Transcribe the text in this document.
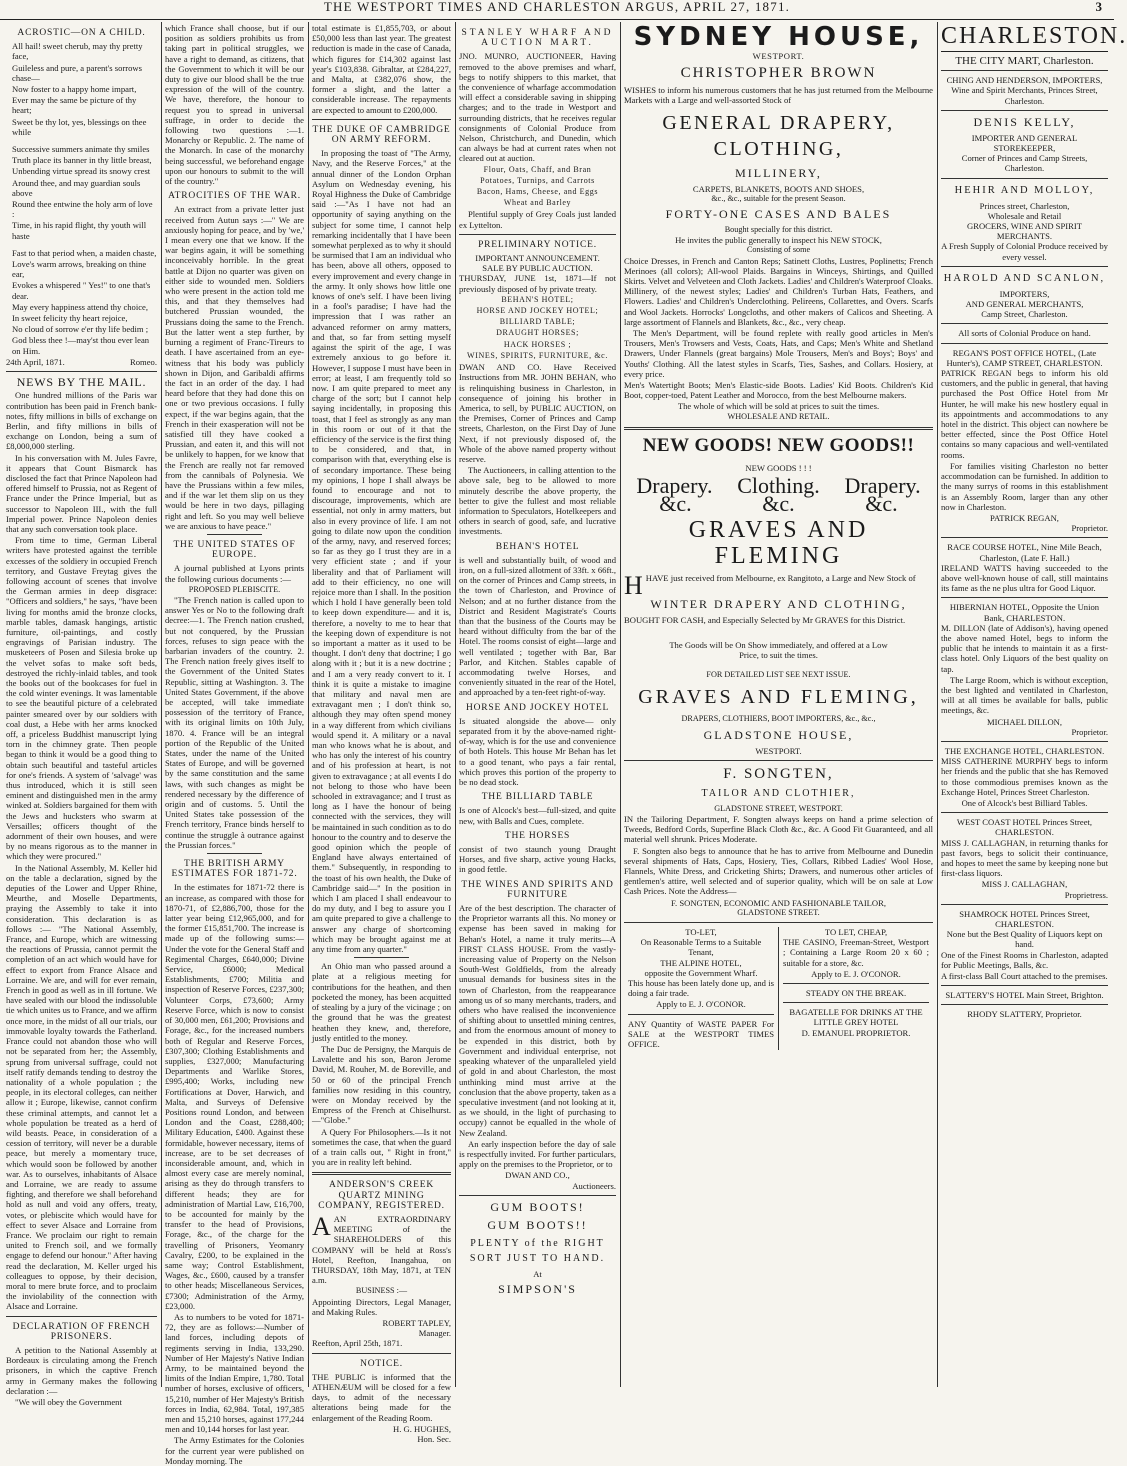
THE WESTPORT TIMES AND CHARLESTON ARGUS, APRIL 27, 1871.	3
ACROSTIC—ON A CHILD.

All hail! sweet cherub, may thy pretty face,

Guileless and pure, a parent's sorrows chase—

Now foster to a happy home impart,

Ever may the same be picture of thy heart;

Sweet be thy lot, yes, blessings on thee while

Successive summers animate thy smiles

Truth place its banner in thy little breast,

Unbending virtue spread its snowy crest

Around thee, and may guardian souls above

Round thee entwine the holy arm of love :

Time, in his rapid flight, thy youth will haste

Fast to that period when, a maiden chaste,

Love's warm arrows, breaking on thine ear,

Evokes a whispered " Yes!" to one that's dear.

May every happiness attend thy choice,

In sweet felicity thy heart rejoice,

No cloud of sorrow e'er thy life bedim ;

God bless thee !—may'st thou ever lean on Him.

24th April, 1871.	Romeo.

NEWS BY THE MAIL.

One hundred millions of the Paris war contribution has been paid in French bank-notes, fifty millions in bills of exchange on Berlin, and fifty millions in bills of exchange on London, being a sum of £8,000,000 sterling.

In his conversation with M. Jules Favre, it appears that Count Bismarck has disclosed the fact that Prince Napoleon had offered himself to Prussia, not as Regent of France under the Prince Imperial, but as successor to Napoleon III., with the full Imperial power. Prince Napoleon denies that any such conversation took place.

From time to time, German Liberal writers have protested against the terrible excesses of the soldiery in occupied French territory, and Gustave Freytag gives the following account of scenes that involve the German armies in deep disgrace: "Officers and soldiers," he says, "have been living for months amid the bronze clocks, marble tables, damask hangings, artistic furniture, oil-paintings, and costly engravings of Parisian industry. The musketeers of Posen and Silesia broke up the velvet sofas to make soft beds, destroyed the richly-inlaid tables, and took the books out of the bookcases for fuel in the cold winter evenings. It was lamentable to see the beautiful picture of a celebrated painter smeared over by our soldiers with coal dust, a Hebe with her arms knocked off, a priceless Buddhist manuscript lying torn in the chimney grate. Then people began to think it would be a good thing to obtain such beautiful and tasteful articles for one's friends. A system of 'salvage' was thus introduced, which it is still seen eminent and distinguished men in the army winked at. Soldiers bargained for them with the Jews and hucksters who swarm at Versailles; officers thought of the adornment of their own houses, and were by no means rigorous as to the manner in which they were procured."

In the National Assembly, M. Keller hid on the table a declaration, signed by the deputies of the Lower and Upper Rhine, Meurthe, and Moselle Departments, praying the Assembly to take it into consideration. This declaration is as follows :— "The National Assembly, France, and Europe, which are witnessing the reactions of Prussia, cannot permit the completion of an act which would have for effect to export from France Alsace and Lorraine. We are, and will for ever remain, French in good as well as in ill fortune. We have sealed with our blood the indissoluble tie which unites us to France, and we affirm once more, in the midst of all our trials, our immovable loyalty towards the Fatherland. France could not abandon those who will not be separated from her; the Assembly, sprung from universal suffrage, could not itself ratify demands tending to destroy the nationality of a whole population ; the people, in its electoral colleges, can neither allow it ; Europe, likewise, cannot confirm these criminal attempts, and cannot let a whole population be treated as a herd of wild beasts. Peace, in consideration of a cession of territory, will never be a durable peace, but merely a momentary truce, which would soon be followed by another war. As to ourselves, inhabitants of Alsace and Lorraine, we are ready to assume fighting, and therefore we shall beforehand hold as null and void any offers, treaty, votes, or plebiscite which would have for effect to sever Alsace and Lorraine from France. We proclaim our right to remain united to French soil, and we formally engage to defend our honour." After having read the declaration, M. Keller urged his colleagues to oppose, by their decision, moral to mere brute force, and to proclaim the inviolability of the connection with Alsace and Lorraine.

DECLARATION OF FRENCH PRISONERS.

A petition to the National Assembly at Bordeaux is circulating among the French prisoners, in which the captive French army in Germany makes the following declaration :—

"We will obey the Government

which France shall choose, but if our position as soldiers prohibits us from taking part in political struggles, we have a right to demand, as citizens, that the Government to which it will be our duty to give our blood shall be the true expression of the will of the country. We have, therefore, the honour to request you to spread in universal suffrage, in order to decide the following two questions :—1. Monarchy or Republic. 2. The name of the Monarch. In case of the monarchy being successful, we beforehand engage upon our honours to submit to the will of the country."

ATROCITIES OF THE WAR.

An extract from a private letter just received from Autun says :—" We are anxiously hoping for peace, and by 'we,' I mean every one that we know. If the war begins again, it will be something inconceivably horrible. In the great battle at Dijon no quarter was given on either side to wounded men. Soldiers who were present in the action told me this, and that they themselves had butchered Prussian wounded, the Prussians doing the same to the French. But the latter went a step further, by burning a regiment of Franc-Tireurs to death. I have ascertained from an eye-witness that his body was publicly shown in Dijon, and Garibaldi affirms the fact in an order of the day. I had heard before that they had done this on one or two previous occasions. I fully expect, if the war begins again, that the French in their exasperation will not be satisfied till they have cooked a Prussian, and eaten it, and this will not be unlikely to happen, for we know that the French are really not far removed from the cannibals of Polynesia. We have the Prussians within a few miles, and if the war let them slip on us they would be here in two days, pillaging right and left. So you may well believe we are anxious to have peace."

THE UNITED STATES OF EUROPE.

A journal published at Lyons prints the following curious documents :—

PROPOSED PLEBISCITE.

"The French nation is called upon to answer Yes or No to the following draft decree:—1. The French nation crushed, but not conquered, by the Prussian forces, refuses to sign peace with the barbarian invaders of the country. 2. The French nation freely gives itself to the Government of the United States Republic, sitting at Washington. 3. The United States Government, if the above be accepted, will take immediate possession of the territory of France, with its original limits on 10th July, 1870. 4. France will be an integral portion of the Republic of the United States, under the name of the United States of Europe, and will be governed by the same constitution and the same laws, with such changes as might be rendered necessary by the difference of origin and of customs. 5. Until the United States take possession of the French territory, France binds herself to continue the struggle à outrance against the Prussian forces."

THE BRITISH ARMY ESTIMATES FOR 1871-72.

In the estimates for 1871-72 there is an increase, as compared with those for 1870-71, of £2,886,700, those for the latter year being £12,965,000, and for the former £15,851,700. The increase is made up of the following sums:—Under the vote for the General Staff and Regimental Charges, £640,000; Divine Service, £6000; Medical Establishments, £700; Militia and inspection of Reserve Forces, £237,300; Volunteer Corps, £73,600; Army Reserve Force, which is now to consist of 30,000 men, £61,200; Provisions and Forage, &c., for the increased numbers both of Regular and Reserve Forces, £307,300; Clothing Establishments and supplies, £327,000; Manufacturing Departments and Warlike Stores, £995,400; Works, including new Fortifications at Dover, Harwich, and Malta, and Surveys of Defensive Positions round London, and between London and the Coast, £288,400; Military Education, £400. Against these formidable, however necessary, items of increase, are to be set decreases of inconsiderable amount, and, which in almost every case are merely nominal, arising as they do through transfers to different heads; they are for administration of Martial Law, £16,700, to be accounted for mainly by the transfer to the head of Provisions, Forage, &c., of the charge for the travelling of Prisoners, Yeomanry Cavalry, £200, to be explained in the same way; Control Establishment, Wages, &c., £600, caused by a transfer to other heads; Miscellaneous Services, £7300; Administration of the Army, £23,000.

As to numbers to be voted for 1871-72, they are as follows:—Number of land forces, including depots of regiments serving in India, 133,290. Number of Her Majesty's Native Indian Army, to be maintained beyond the limits of the Indian Empire, 1,780. Total number of horses, exclusive of officers, 15,210, number of Her Majesty's British forces in India, 62,984. Total, 197,385 men and 15,210 horses, against 177,244 men and 10,144 horses for last year.

The Army Estimates for the Colonies for the current year were published on Monday morning. The

total estimate is £1,855,703, or about £50,000 less than last year. The greatest reduction is made in the case of Canada, which figures for £14,302 against last year's £103,838. Gibraltar, at £284,227, and Malta, at £382,076 show, the former a slight, and the latter a considerable increase. The repayments are expected to amount to £200,000.

THE DUKE OF CAMBRIDGE ON ARMY REFORM.

In proposing the toast of "The Army, Navy, and the Reserve Forces," at the annual dinner of the London Orphan Asylum on Wednesday evening, his Royal Highness the Duke of Cambridge said :—"As I have not had an opportunity of saying anything on the subject for some time, I cannot help remarking incidentally that I have been somewhat perplexed as to why it should be surmised that I am an individual who has been, above all others, opposed to every improvement and every change in the army. It only shows how little one knows of one's self. I have been living in a fool's paradise; I have had the impression that I was rather an advanced reformer on army matters, and that, so far from setting myself against the spirit of the age, I was extremely anxious to go before it. However, I suppose I must have been in error; at least, I am frequently told so now. I am quite prepared to meet any charge of the sort; but I cannot help saying incidentally, in proposing this toast, that I feel as strongly as any man in this room or out of it that the efficiency of the service is the first thing to be considered, and that, in comparison with that, everything else is of secondary importance. These being my opinions, I hope I shall always be found to encourage and not to discourage, improvements, which are essential, not only in army matters, but also in every province of life. I am not going to dilate now upon the condition of the army, navy, and reserved forces; so far as they go I trust they are in a very efficient state ; and if your liberality and that of Parliament will add to their efficiency, no one will rejoice more than I shall. In the position which I hold I have generally been told to keep down expenditure— and it is, therefore, a novelty to me to hear that the keeping down of expenditure is not so important a matter as it used to be thought. I don't deny that doctrine; I go along with it ; but it is a new doctrine ; and I am a very ready convert to it. I think it is quite a mistake to imagine that military and naval men are extravagant men ; I don't think so, although they may often spend money in a way different from which civilians would spend it. A military or a naval man who knows what he is about, and who has only the interest of his country and of his profession at heart, is not given to extravagance ; at all events I do not belong to those who have been schooled in extravagance; and I trust as long as I have the honour of being connected with the services, they will be maintained in such condition as to do honour to the country and to deserve the good opinion which the people of England have always entertained of them." Subsequently, in responding to the toast of his own health, the Duke of Cambridge said—" In the position in which I am placed I shall endeavour to do my duty, and I beg to assure you I am quite prepared to give a challenge to answer any charge of shortcoming which may be brought against me at any time from any quarter."

An Ohio man who passed around a plate at a religious meeting for contributions for the heathen, and then pocketed the money, has been acquitted of stealing by a jury of the vicinage ; on the ground that he was the greatest heathen they knew, and, therefore, justly entitled to the money.

The Duc de Persigny, the Marquis de Lavalette and his son, Baron Jerome David, M. Rouher, M. de Boreville, and 50 or 60 of the principal French families now residing in this country, were on Monday received by the Empress of the French at Chiselhurst.—"Globe."

A Query For Philosophers.—Is it not sometimes the case, that when the guard of a train calls out, " Right in front," you are in reality left behind.

ANDERSON'S CREEK QUARTZ MINING COMPANY, REGISTERED.

AAN EXTRAORDINARY MEETING of the SHAREHOLDERS of this COMPANY will be held at Ross's Hotel, Reefton, Inangahua, on THURSDAY, 18th May, 1871, at TEN a.m.

BUSINESS :—

Appointing Directors, Legal Manager, and Making Rules.

ROBERT TAPLEY,
Manager.

Reefton, April 25th, 1871.

NOTICE.

THE PUBLIC is informed that the ATHENÆUM will be closed for a few days, to admit of the necessary alterations being made for the enlargement of the Reading Room.

H. G. HUGHES,
Hon. Sec.
STANLEY WHARF AND AUCTION MART.

JNO. MUNRO, AUCTIONEER, Having removed to the above premises and wharf, begs to notify shippers to this market, that the convenience of wharfage accommodation will effect a considerable saving in shipping charges; and to the trade in Westport and surrounding districts, that he receives regular consignments of Colonial Produce from Nelson, Christchurch, and Dunedin, which can always be had at current rates when not cleared out at auction.

Flour, Oats, Chaff, and Bran

Potatoes, Turnips, and Carrots

Bacon, Hams, Cheese, and Eggs

Wheat and Barley

Plentiful supply of Grey Coals just landed ex Lyttelton.

PRELIMINARY NOTICE.
IMPORTANT ANNOUNCEMENT.
SALE BY PUBLIC AUCTION.

THURSDAY, JUNE 1st, 1871—If not previously disposed of by private treaty.

BEHAN'S HOTEL;

HORSE AND JOCKEY HOTEL;

BILLIARD TABLE;

DRAUGHT HORSES;

HACK HORSES ;

WINES, SPIRITS, FURNITURE, &c.

DWAN AND CO. Have Received Instructions from MR. JOHN BEHAN, who is relinquishing business in Charleston, in consequence of joining his brother in America, to sell, by PUBLIC AUCTION, on the Premises, Corner of Princes and Camp streets, Charleston, on the First Day of June Next, if not previously disposed of, the Whole of the above named property without reserve.

The Auctioneers, in calling attention to the above sale, beg to be allowed to more minutely describe the above property, the better to give the fullest and most reliable information to Speculators, Hotelkeepers and others in search of good, safe, and lucrative investments.

BEHAN'S HOTEL

is well and substantially built, of wood and iron, on a full-sized allotment of 33ft. x 66ft., on the corner of Princes and Camp streets, in the town of Charleston, and Province of Nelson; and at no further distance from the District and Resident Magistrate's Courts than that the business of the Courts may be heard without difficulty from the bar of the Hotel. The rooms consist of eight—large and well ventilated ; together with Bar, Bar Parlor, and Kitchen. Stables capable of accommodating twelve Horses, and conveniently situated in the rear of the Hotel, and approached by a ten-feet right-of-way.

HORSE AND JOCKEY HOTEL

Is situated alongside the above— only separated from it by the above-named right-of-way, which is for the use and convenience of both Hotels. This house Mr Behan has let to a good tenant, who pays a fair rental, which proves this portion of the property to be no dead stock.

THE BILLIARD TABLE

Is one of Alcock's best—full-sized, and quite new, with Balls and Cues, complete.

THE HORSES

consist of two staunch young Draught Horses, and five sharp, active young Hacks, in good fettle.

THE WINES AND SPIRITS AND FURNITURE

Are of the best description. The character of the Proprietor warrants all this. No money or expense has been saved in making for Behan's Hotel, a name it truly merits—A FIRST CLASS HOUSE. From the vastly-increasing value of Property on the Nelson South-West Goldfields, from the already unusual demands for business sites in the town of Charleston, from the reappearance among us of so many merchants, traders, and others who have realised the inconvenience of shifting about to unsettled mining centres, and from the enormous amount of money to be expended in this district, both by Government and individual enterprise, not speaking whatever of the unparalleled yield of gold in and about Charleston, the most unthinking mind must arrive at the conclusion that the above property, taken as a speculative investment (and not looking at it, as we should, in the light of purchasing to occupy) cannot be equalled in the whole of New Zealand.

An early inspection before the day of sale is respectfully invited. For further particulars, apply on the premises to the Proprietor, or to

DWAN AND CO.,
Auctioneers.
GUM BOOTS!
GUM BOOTS!!
PLENTY of the RIGHT SORT JUST TO HAND.
At
SIMPSON'S
SYDNEY HOUSE,
WESTPORT.
CHRISTOPHER BROWN

WISHES to inform his numerous customers that he has just returned from the Melbourne Markets with a Large and well-assorted Stock of

GENERAL DRAPERY, CLOTHING,
MILLINERY,
CARPETS, BLANKETS, BOOTS AND SHOES,
&c., &c., suitable for the present Season.
FORTY-ONE CASES AND BALES
Bought specially for this district.
He invites the public generally to inspect his NEW STOCK,
Consisting of some

Choice Dresses, in French and Canton Reps; Satinett Cloths, Lustres, Poplinetts; French Merinoes (all colors); All-wool Plaids. Bargains in Winceys, Shirtings, and Quilled Skirts. Velvet and Velveteen and Cloth Jackets. Ladies' and Children's Waterproof Cloaks. Millinery, of the newest styles; Ladies' and Children's Turban Hats, Feathers, and Flowers. Ladies' and Children's Underclothing. Pelireens, Collarettes, and Overs. Scarfs and Wool Jackets. Horrocks' Longcloths, and other makers of Calicos and Sheeting. A large assortment of Flannels and Blankets, &c., &c., very cheap.

The Men's Department, will be found replete with really good articles in Men's Trousers, Men's Trowsers and Vests, Coats, Hats, and Caps; Men's White and Shetland Drawers, Under Flannels (great bargains) Mole Trousers, Men's and Boys'; Boys' and Youths' Clothing. All the latest styles in Scarfs, Ties, Sashes, and Collars. Hosiery, at every price.

Men's Watertight Boots; Men's Elastic-side Boots. Ladies' Kid Boots. Children's Kid Boot, copper-toed, Patent Leather and Morocco, from the best Melbourne makers.

The whole of which will be sold at prices to suit the times.
WHOLESALE AND RETAIL.
NEW GOODS! NEW GOODS!!
NEW GOODS ! ! !
Drapery. Clothing. Drapery.
&c.	&c.	&c.
GRAVES AND FLEMING

HHAVE just received from Melbourne, ex Rangitoto, a Large and New Stock of

WINTER DRAPERY AND CLOTHING,

BOUGHT FOR CASH, and Especially Selected by Mr GRAVES for this District.

The Goods will be On Show immediately, and offered at a Low
Price, to suit the times.
FOR DETAILED LIST SEE NEXT ISSUE.
GRAVES AND FLEMING,
DRAPERS, CLOTHIERS, BOOT IMPORTERS, &c., &c.,
GLADSTONE HOUSE,
WESTPORT.
F. SONGTEN,
TAILOR AND CLOTHIER,
GLADSTONE STREET, WESTPORT.

IN the Tailoring Department, F. Songten always keeps on hand a prime selection of Tweeds, Bedford Cords, Superfine Black Cloth &c., &c. A Good Fit Guaranteed, and all material well shrunk. Prices Moderate.

F. Songten also begs to announce that he has to arrive from Melbourne and Dunedin several shipments of Hats, Caps, Hosiery, Ties, Collars, Ribbed Ladies' Wool Hose, Flannels, White Dress, and Cricketing Shirts; Drawers, and numerous other articles of gentlemen's attire, well selected and of superior quality, which will be on sale at Low Cash Prices. Note the Address—

F. SONGTEN, ECONOMIC AND FASHIONABLE TAILOR,
GLADSTONE STREET.
TO-LET,
On Reasonable Terms to a Suitable Tenant,
THE ALPINE HOTEL,
opposite the Government Wharf.

This house has been lately done up, and is doing a fair trade.

Apply to E. J. O'CONOR.

ANY Quantity of WASTE PAPER For SALE at the WESTPORT TIMES OFFICE.

TO LET, CHEAP,

THE CASINO, Freeman-Street, Westport ; Containing a Large Room 20 x 60 ; suitable for a store, &c.

Apply to E. J. O'CONOR.
STEADY ON THE BREAK.
BAGATELLE FOR DRINKS AT THE LITTLE GREY HOTEL
D. EMANUEL PROPRIETOR.
CHARLESTON.
THE CITY MART, Charleston.

CHING AND HENDERSON, IMPORTERS, Wine and Spirit Merchants, Princes Street, Charleston.

DENIS KELLY,
IMPORTER AND GENERAL STOREKEEPER,
Corner of Princes and Camp Streets, Charleston.
HEHIR AND MOLLOY,
Princes street, Charleston,
Wholesale and Retail
GROCERS, WINE AND SPIRIT MERCHANTS.
A Fresh Supply of Colonial Produce received by every vessel.
HAROLD AND SCANLON,
IMPORTERS,
AND GENERAL MERCHANTS,
Camp Street, Charleston.
All sorts of Colonial Produce on hand.
REGAN'S POST OFFICE HOTEL, (Late Hunter's), CAMP STREET, CHARLESTON.

PATRICK REGAN begs to inform his old customers, and the public in general, that having purchased the Post Office Hotel from Mr Hunter, he will make his new hostlery equal in its appointments and accommodations to any hotel in the district. This object can nowhere be better effected, since the Post Office Hotel contains so many capacious and well-ventilated rooms.

For families visiting Charleston no better accommodation can be furnished. In addition to the many surrys of rooms in this establishment is an Assembly Room, larger than any other now in Charleston.

PATRICK REGAN,
Proprietor.
RACE COURSE HOTEL, Nine Mile Beach, Charleston, (Late F. Hall.)

IRELAND WATTS having succeeded to the above well-known house of call, still maintains its fame as the ne plus ultra for Good Liquor.

HIBERNIAN HOTEL, Opposite the Union Bank, CHARLESTON.

M. DILLON (late of Addison's), having opened the above named Hotel, begs to inform the public that he intends to maintain it as a first-class hotel. Only Liquors of the best quality on tap.

The Large Room, which is without exception, the best lighted and ventilated in Charleston, will at all times be available for balls, public meetings, &c.

MICHAEL DILLON,
Proprietor.
THE EXCHANGE HOTEL, CHARLESTON.

MISS CATHERINE MURPHY begs to inform her friends and the public that she has Removed to those commodious premises known as the Exchange Hotel, Princes Street Charleston.

One of Alcock's best Billiard Tables.
WEST COAST HOTEL Princes Street, CHARLESTON.

MISS J. CALLAGHAN, in returning thanks for past favors, begs to solicit their continuance, and hopes to meet the same by keeping none but first-class liquors.

MISS J. CALLAGHAN,
Proprietress.
SHAMROCK HOTEL Princes Street, CHARLESTON.
None but the Best Quality of Liquors kept on hand.

One of the Finest Rooms in Charleston, adapted for Public Meetings, Balls, &c.

A first-class Ball Court attached to the premises.

SLATTERY'S HOTEL Main Street, Brighton.
RHODY SLATTERY, Proprietor.
